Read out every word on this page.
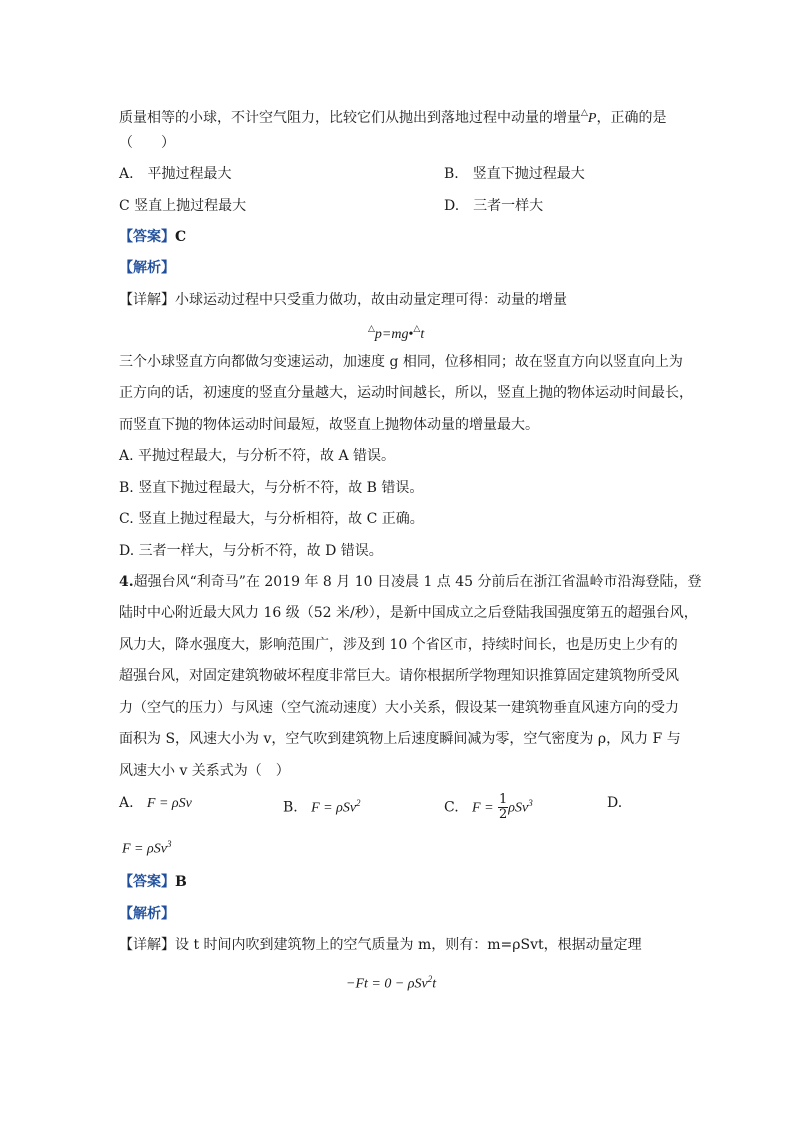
质量相等的小球，不计空气阻力，比较它们从抛出到落地过程中动量的增量△P，正确的是
（　　）
A.　平抛过程最大	B.　竖直下抛过程最大
C 竖直上抛过程最大	D.　三者一样大
【答案】C
【解析】
【详解】小球运动过程中只受重力做功，故由动量定理可得：动量的增量
△p=mg•△t
三个小球竖直方向都做匀变速运动，加速度 g 相同，位移相同；故在竖直方向以竖直向上为
正方向的话，初速度的竖直分量越大，运动时间越长，所以，竖直上抛的物体运动时间最长，
而竖直下抛的物体运动时间最短，故竖直上抛物体动量的增量最大。
A. 平抛过程最大，与分析不符，故 A 错误。
B. 竖直下抛过程最大，与分析不符，故 B 错误。
C. 竖直上抛过程最大，与分析相符，故 C 正确。
D. 三者一样大，与分析不符，故 D 错误。
4.超强台风“利奇马”在 2019 年 8 月 10 日凌晨 1 点 45 分前后在浙江省温岭市沿海登陆，登
陆时中心附近最大风力 16 级（52 米/秒），是新中国成立之后登陆我国强度第五的超强台风，
风力大，降水强度大，影响范围广，涉及到 10 个省区市，持续时间长，也是历史上少有的
超强台风，对固定建筑物破坏程度非常巨大。请你根据所学物理知识推算固定建筑物所受风
力（空气的压力）与风速（空气流动速度）大小关系，假设某一建筑物垂直风速方向的受力
面积为 S，风速大小为 v，空气吹到建筑物上后速度瞬间减为零，空气密度为 ρ，风力 F 与
风速大小 v 关系式为（　）
A. F = ρSv	B. F = ρSv$^2$	C. $F = \frac{1}{2} \rho Sv^3$	D.
F = ρSv$^3$
【答案】B
【解析】
【详解】设 t 时间内吹到建筑物上的空气质量为 m，则有：m=ρSvt，根据动量定理
−Ft = 0 − ρSv$^2$t
